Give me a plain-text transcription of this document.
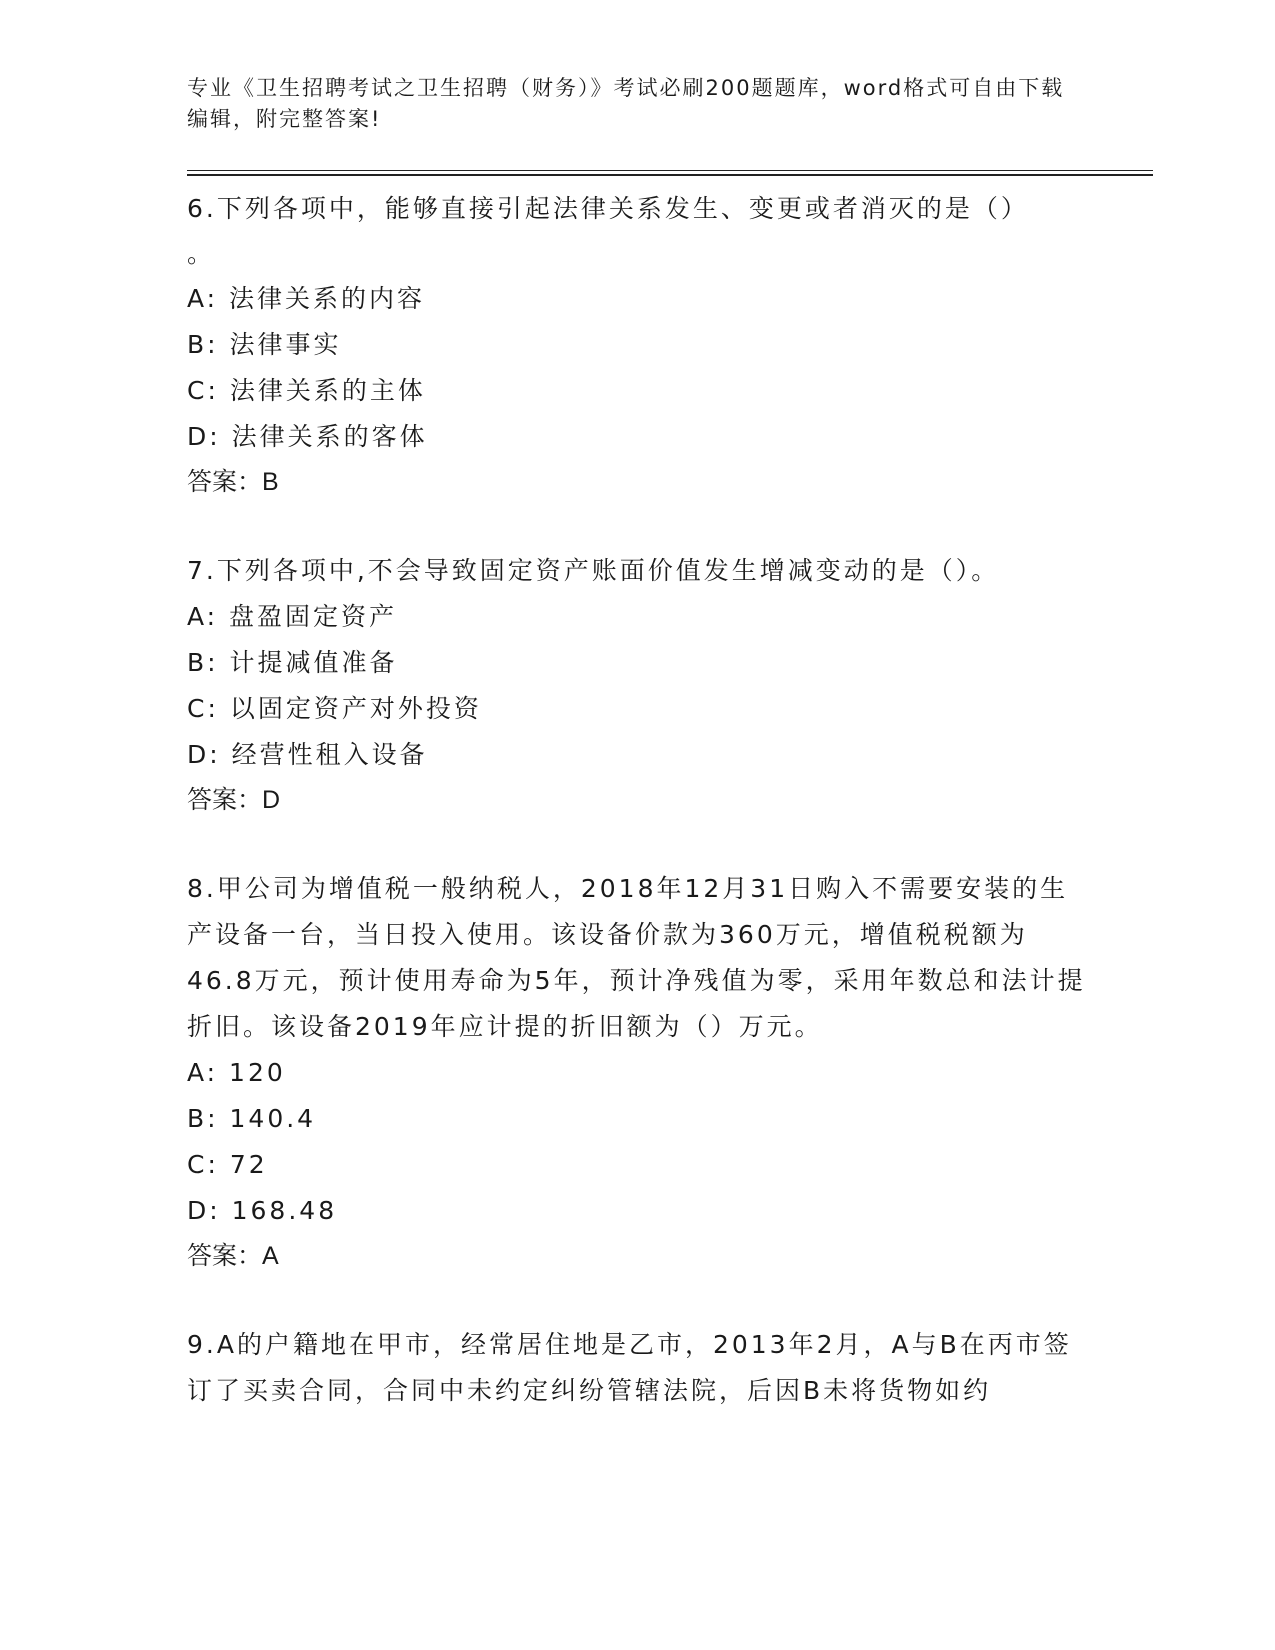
专业《卫生招聘考试之卫生招聘（财务）》考试必刷200题题库，word格式可自由下载编辑，附完整答案!

6.下列各项中，能够直接引起法律关系发生、变更或者消灭的是（）

。

A: 法律关系的内容

B: 法律事实

C: 法律关系的主体

D: 法律关系的客体

答案：B

7.下列各项中,不会导致固定资产账面价值发生增减变动的是（）。

A: 盘盈固定资产

B: 计提减值准备

C: 以固定资产对外投资

D: 经营性租入设备

答案：D

8.甲公司为增值税一般纳税人，2018年12月31日购入不需要安装的生产设备一台，当日投入使用。该设备价款为360万元，增值税税额为46.8万元，预计使用寿命为5年，预计净残值为零，采用年数总和法计提折旧。该设备2019年应计提的折旧额为（）万元。

A: 120

B: 140.4

C: 72

D: 168.48

答案：A

9.A的户籍地在甲市，经常居住地是乙市，2013年2月，A与B在丙市签订了买卖合同，合同中未约定纠纷管辖法院，后因B未将货物如约
